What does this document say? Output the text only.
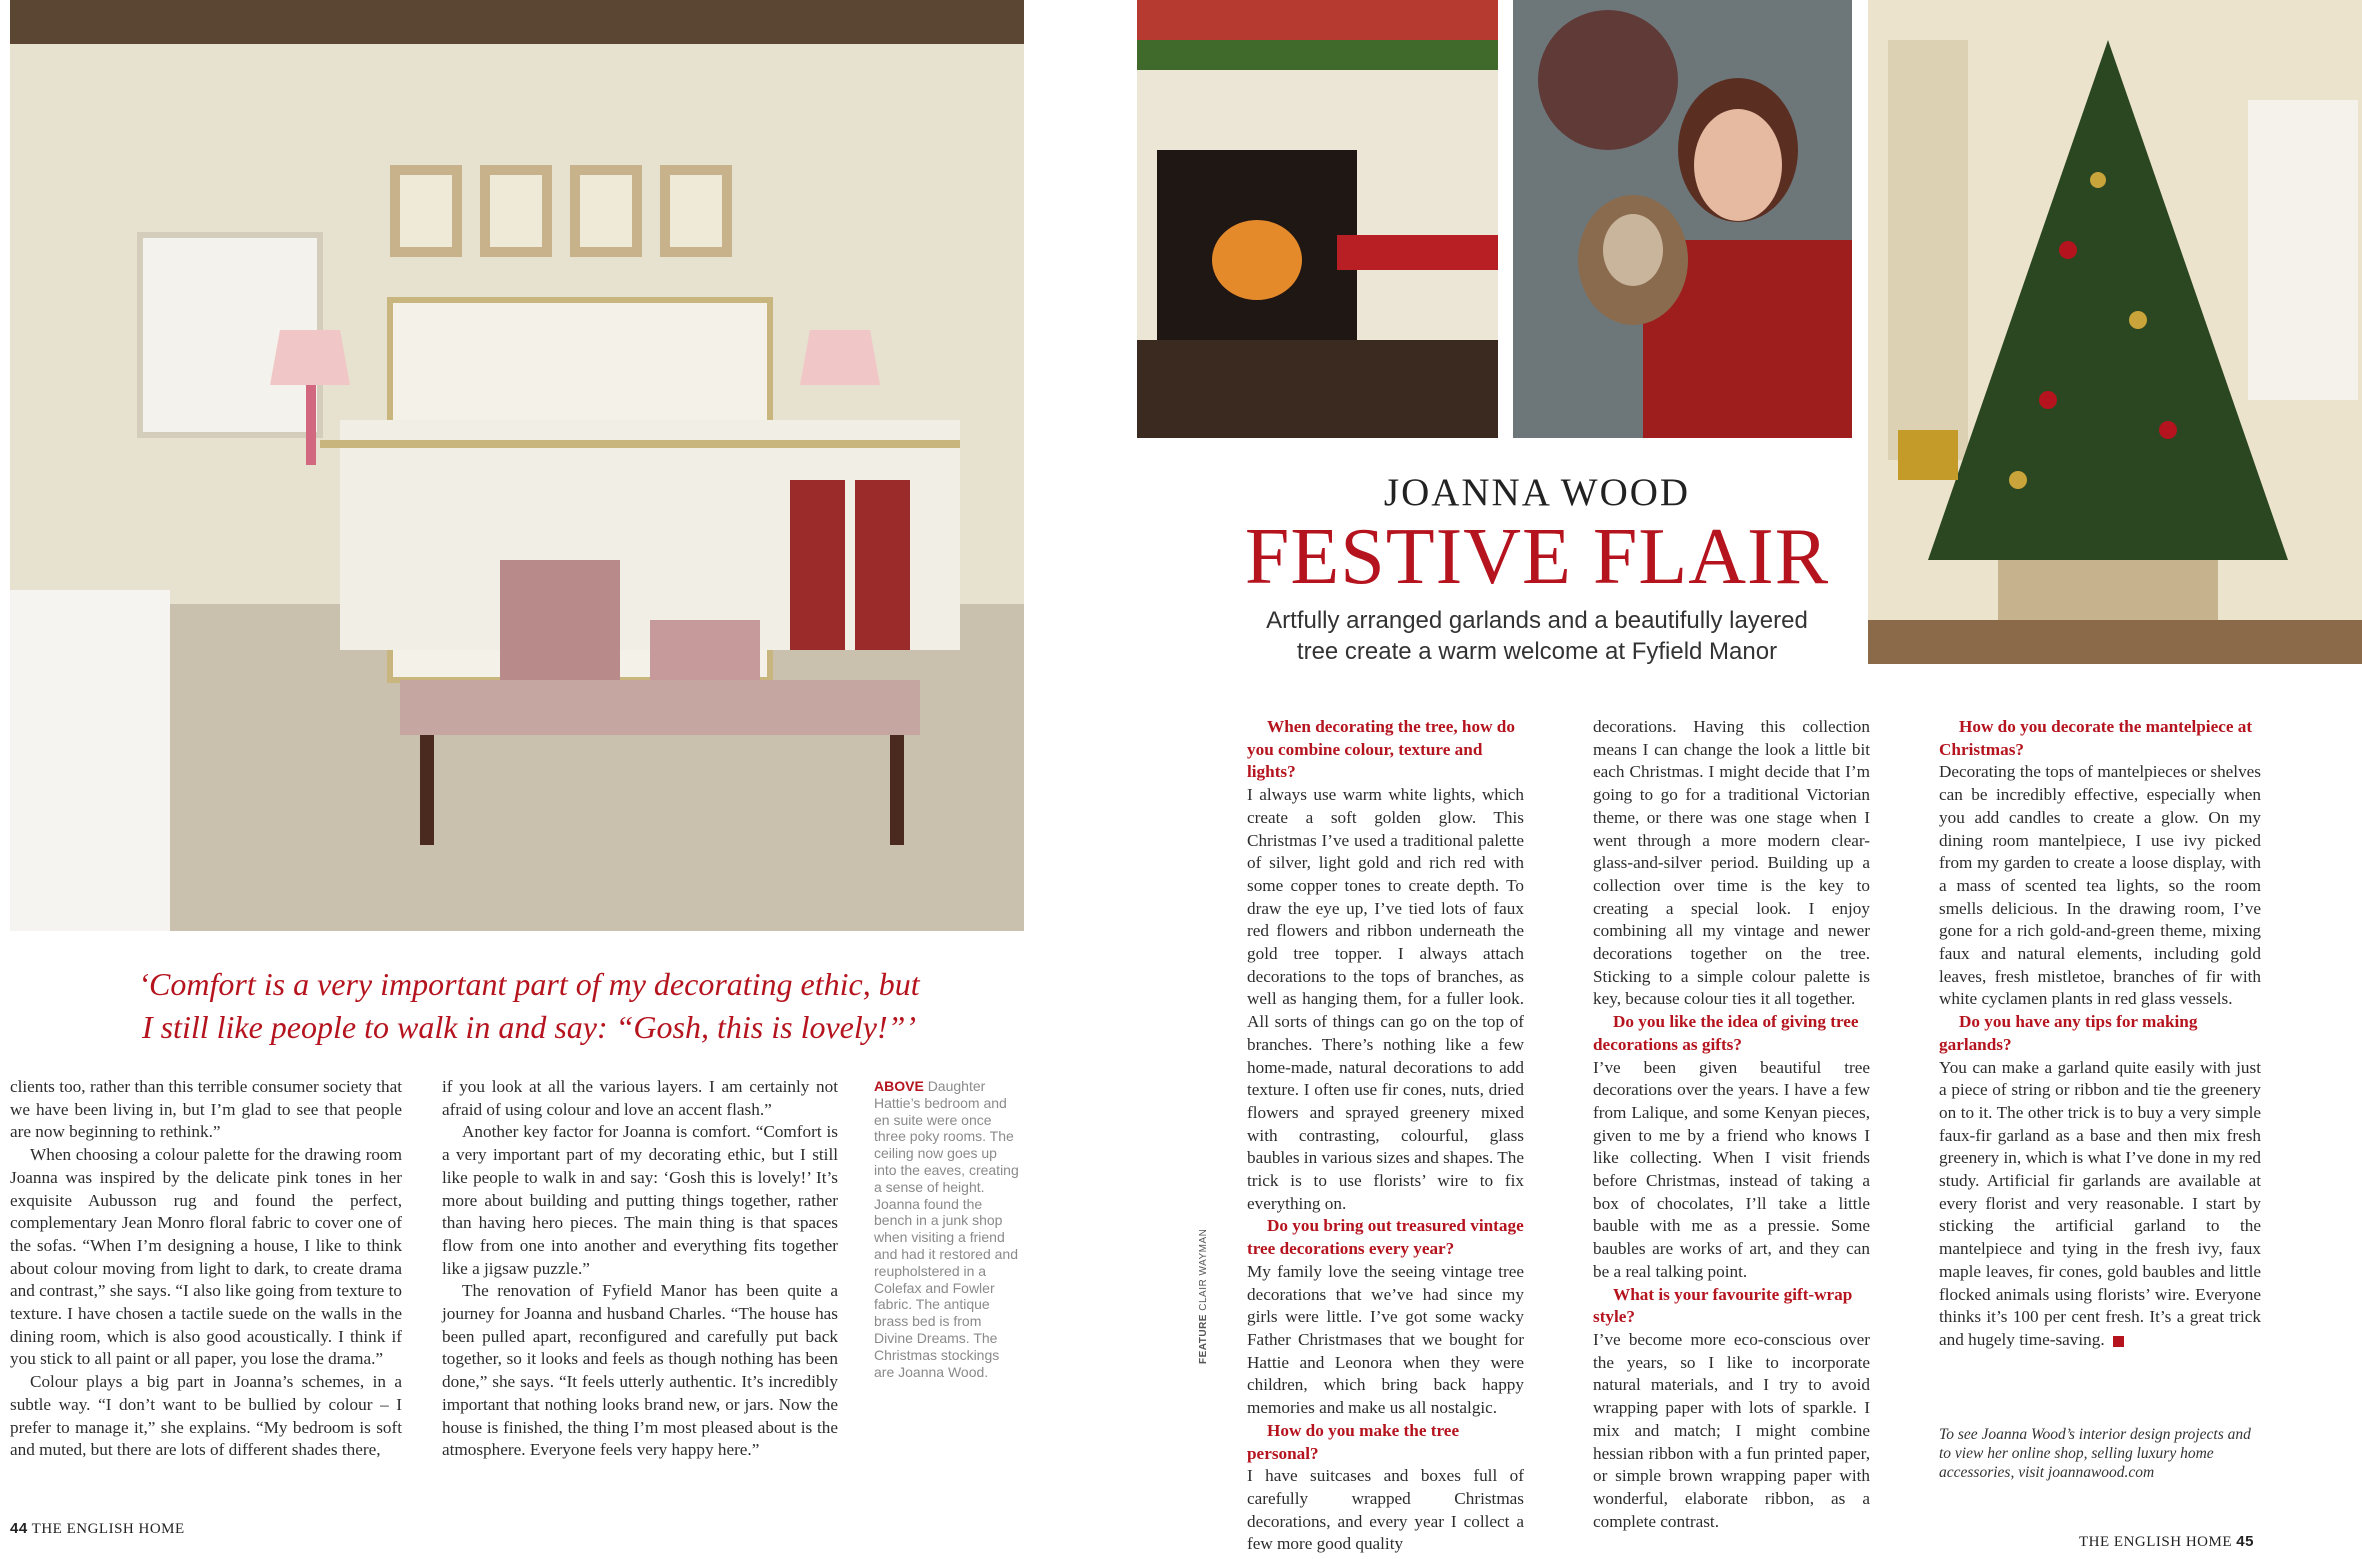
JOANNA WOOD
FESTIVE FLAIR
Artfully arranged garlands and a beautifully layered
tree create a warm welcome at Fyfield Manor
‘Comfort is a very important part of my decorating ethic, but
I still like people to walk in and say: “Gosh, this is lovely!”’

clients too, rather than this terrible consumer society that we have been living in, but I’m glad to see that people are now beginning to rethink.”

When choosing a colour palette for the drawing room Joanna was inspired by the delicate pink tones in her exquisite Aubusson rug and found the perfect, complementary Jean Monro floral fabric to cover one of the sofas. “When I’m designing a house, I like to think about colour moving from light to dark, to create drama and contrast,” she says. “I also like going from texture to texture. I have chosen a tactile suede on the walls in the dining room, which is also good acoustically. I think if you stick to all paint or all paper, you lose the drama.”

Colour plays a big part in Joanna’s schemes, in a subtle way. “I don’t want to be bullied by colour – I prefer to manage it,” she explains. “My bedroom is soft and muted, but there are lots of different shades there,

if you look at all the various layers. I am certainly not afraid of using colour and love an accent flash.”

Another key factor for Joanna is comfort. “Comfort is a very important part of my decorating ethic, but I still like people to walk in and say: ‘Gosh this is lovely!’ It’s more about building and putting things together, rather than having hero pieces. The main thing is that spaces flow from one into another and everything fits together like a jigsaw puzzle.”

The renovation of Fyfield Manor has been quite a journey for Joanna and husband Charles. “The house has been pulled apart, reconfigured and carefully put back together, so it looks and feels as though nothing has been done,” she says. “It feels utterly authentic. It’s incredibly important that nothing looks brand new, or jars. Now the house is finished, the thing I’m most pleased about is the atmosphere. Everyone feels very happy here.”

ABOVE Daughter Hattie’s bedroom and en suite were once three poky rooms. The ceiling now goes up into the eaves, creating a sense of height. Joanna found the bench in a junk shop when visiting a friend and had it restored and reupholstered in a Colefax and Fowler fabric. The antique brass bed is from Divine Dreams. The Christmas stockings are Joanna Wood.
44 THE ENGLISH HOME
FEATURE CLAIR WAYMAN

When decorating the tree, how do you combine colour, texture and lights?

I always use warm white lights, which create a soft golden glow. This Christmas I’ve used a traditional palette of silver, light gold and rich red with some copper tones to create depth. To draw the eye up, I’ve tied lots of faux red flowers and ribbon underneath the gold tree topper. I always attach decorations to the tops of branches, as well as hanging them, for a fuller look. All sorts of things can go on the top of branches. There’s nothing like a few home-made, natural decorations to add texture. I often use fir cones, nuts, dried flowers and sprayed greenery mixed with contrasting, colourful, glass baubles in various sizes and shapes. The trick is to use florists’ wire to fix everything on.

Do you bring out treasured vintage tree decorations every year?

My family love the seeing vintage tree decorations that we’ve had since my girls were little. I’ve got some wacky Father Christmases that we bought for Hattie and Leonora when they were children, which bring back happy memories and make us all nostalgic.

How do you make the tree personal?

I have suitcases and boxes full of carefully wrapped Christmas decorations, and every year I collect a few more good quality

decorations. Having this collection means I can change the look a little bit each Christmas. I might decide that I’m going to go for a traditional Victorian theme, or there was one stage when I went through a more modern clear-glass-and-silver period. Building up a collection over time is the key to creating a special look. I enjoy combining all my vintage and newer decorations together on the tree. Sticking to a simple colour palette is key, because colour ties it all together.

Do you like the idea of giving tree decorations as gifts?

I’ve been given beautiful tree decorations over the years. I have a few from Lalique, and some Kenyan pieces, given to me by a friend who knows I like collecting. When I visit friends before Christmas, instead of taking a box of chocolates, I’ll take a little bauble with me as a pressie. Some baubles are works of art, and they can be a real talking point.

What is your favourite gift-wrap style?

I’ve become more eco-conscious over the years, so I like to incorporate natural materials, and I try to avoid wrapping paper with lots of sparkle. I mix and match; I might combine hessian ribbon with a fun printed paper, or simple brown wrapping paper with wonderful, elaborate ribbon, as a complete contrast.

How do you decorate the mantelpiece at Christmas?

Decorating the tops of mantelpieces or shelves can be incredibly effective, especially when you add candles to create a glow. On my dining room mantelpiece, I use ivy picked from my garden to create a loose display, with a mass of scented tea lights, so the room smells delicious. In the drawing room, I’ve gone for a rich gold-and-green theme, mixing faux and natural elements, including gold leaves, fresh mistletoe, branches of fir with white cyclamen plants in red glass vessels.

Do you have any tips for making garlands?

You can make a garland quite easily with just a piece of string or ribbon and tie the greenery on to it. The other trick is to buy a very simple faux-fir garland as a base and then mix fresh greenery in, which is what I’ve done in my red study. Artificial fir garlands are available at every florist and very reasonable. I start by sticking the artificial garland to the mantelpiece and tying in the fresh ivy, faux maple leaves, fir cones, gold baubles and little flocked animals using florists’ wire. Everyone thinks it’s 100 per cent fresh. It’s a great trick and hugely time-saving.

To see Joanna Wood’s interior design projects and to view her online shop, selling luxury home accessories, visit joannawood.com
THE ENGLISH HOME 45
